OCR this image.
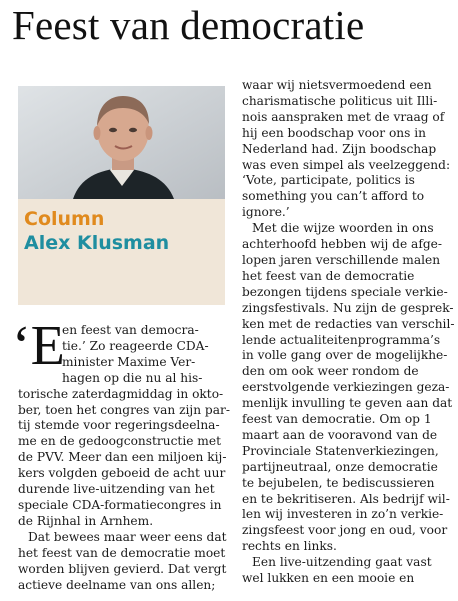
Feest van democratie
Column
Alex Klusman
‘E
en feest van democra-
tie.’ Zo reageerde CDA-
minister Maxime Ver-
hagen op die nu al his-
torische zaterdagmiddag in okto-
ber, toen het congres van zijn par-
tij stemde voor regeringsdeelna-
me en de gedoogconstructie met
de PVV. Meer dan een miljoen kij-
kers volgden geboeid de acht uur
durende live-uitzending van het
speciale CDA-formatiecongres in
de Rijnhal in Arnhem.
Dat bewees maar weer eens dat
het feest van de democratie moet
worden blijven gevierd. Dat vergt
actieve deelname van ons allen;
waar wij nietsvermoedend een
charismatische politicus uit Illi-
nois aanspraken met de vraag of
hij een boodschap voor ons in
Nederland had. Zijn boodschap
was even simpel als veelzeggend:
‘Vote, participate, politics is
something you can’t afford to
ignore.’
Met die wijze woorden in ons
achterhoofd hebben wij de afge-
lopen jaren verschillende malen
het feest van de democratie
bezongen tijdens speciale verkie-
zingsfestivals. Nu zijn de gesprek-
ken met de redacties van verschil-
lende actualiteitenprogramma’s
in volle gang over de mogelijkhe-
den om ook weer rondom de
eerstvolgende verkiezingen geza-
menlijk invulling te geven aan dat
feest van democratie. Om op 1
maart aan de vooravond van de
Provinciale Statenverkiezingen,
partijneutraal, onze democratie
te bejubelen, te bediscussieren
en te bekritiseren. Als bedrijf wil-
len wij investeren in zo’n verkie-
zingsfeest voor jong en oud, voor
rechts en links.
Een live-uitzending gaat vast
wel lukken en een mooie en
